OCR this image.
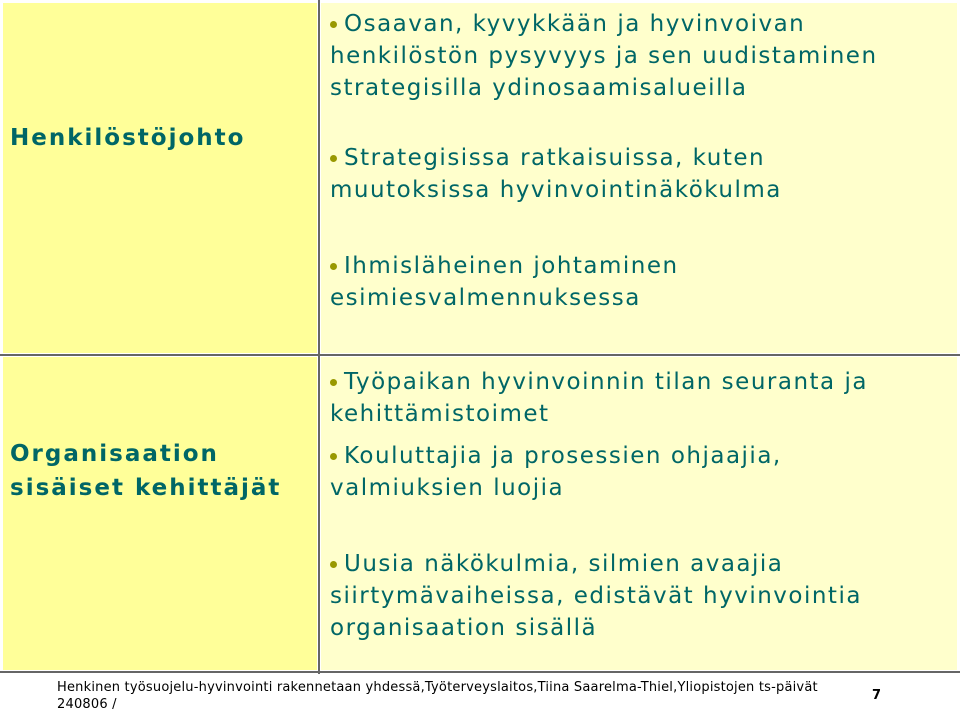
Henkilöstöjohto
Organisaation
sisäiset kehittäjät
Osaavan, kyvykkään ja hyvinvoivan henkilöstön pysyvyys ja sen uudistaminen strategisilla ydinosaamisalueilla
Strategisissa ratkaisuissa, kuten muutoksissa hyvinvointinäkökulma
Ihmisläheinen johtaminen esimiesvalmennuksessa
Työpaikan hyvinvoinnin tilan seuranta ja kehittämistoimet
Kouluttajia ja prosessien ohjaajia, valmiuksien luojia
Uusia näkökulmia, silmien avaajia siirtymävaiheissa, edistävät hyvinvointia organisaation sisällä
Henkinen työsuojelu-hyvinvointi rakennetaan yhdessä,Työterveyslaitos,Tiina Saarelma-Thiel,Yliopistojen ts-päivät 240806 /
7
